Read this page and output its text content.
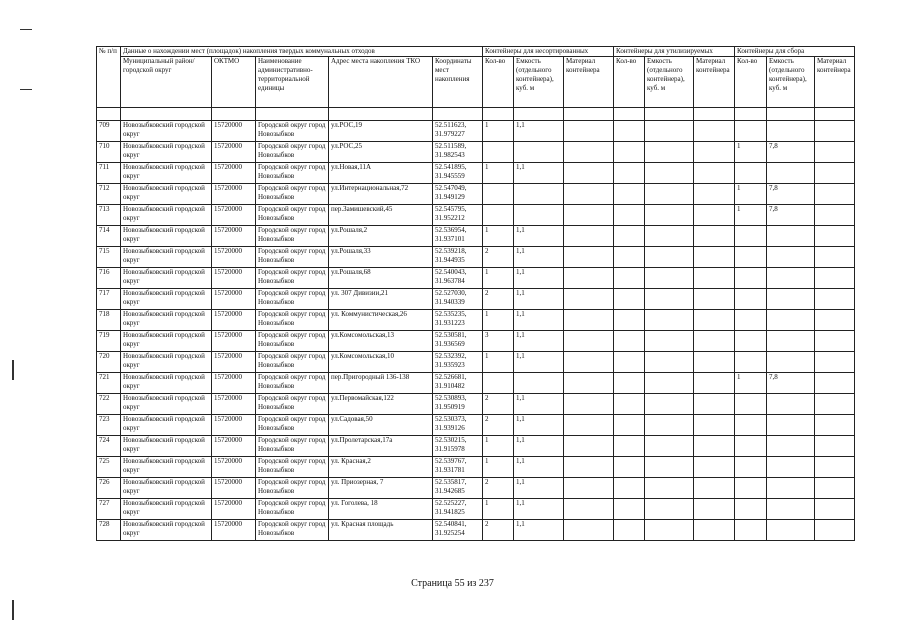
№ п/п	Данные о нахождении мест (площадок) накопления твердых коммунальных отходов					Контейнеры для несортированных			Контейнеры для утилизируемых			Контейнеры для сбора		
	Муниципальный район/городской округ	ОКТМО	Наименование административно-территориальной единицы	Адрес места накопления ТКО	Координаты мест накопления	Кол-во	Емкость (отдельного контейнера), куб. м	Материал контейнера	Кол-во	Емкость (отдельного контейнера), куб. м	Материал контейнера	Кол-во	Емкость (отдельного контейнера), куб. м	Материал контейнера

709	Новозыбковский городской округ	15720000	Городской округ город Новозыбков	ул.РОС,19	52.511623, 31.979227	1	1,1							
710	Новозыбковский городской округ	15720000	Городской округ город Новозыбков	ул.РОС,25	52.511589, 31.982543							1	7,8	
711	Новозыбковский городской округ	15720000	Городской округ город Новозыбков	ул.Новая,11А	52.541895, 31.945559	1	1,1							
712	Новозыбковский городской округ	15720000	Городской округ город Новозыбков	ул.Интернациональная,72	52.547049, 31.949129							1	7,8	
713	Новозыбковский городской округ	15720000	Городской округ город Новозыбков	пер.Замишевский,45	52.545795, 31.952212							1	7,8	
714	Новозыбковский городской округ	15720000	Городской округ город Новозыбков	ул.Рошаля,2	52.536954, 31.937101	1	1,1							
715	Новозыбковский городской округ	15720000	Городской округ город Новозыбков	ул.Рошаля,33	52.539218, 31.944935	2	1,1							
716	Новозыбковский городской округ	15720000	Городской округ город Новозыбков	ул.Рошаля,68	52.540043, 31.963784	1	1,1							
717	Новозыбковский городской округ	15720000	Городской округ город Новозыбков	ул. 307 Дивизии,21	52.527030, 31.940339	2	1,1							
718	Новозыбковский городской округ	15720000	Городской округ город Новозыбков	ул. Коммунистическая,26	52.535235, 31.931223	1	1,1							
719	Новозыбковский городской округ	15720000	Городской округ город Новозыбков	ул.Комсомольская,13	52.530581, 31.936569	3	1,1							
720	Новозыбковский городской округ	15720000	Городской округ город Новозыбков	ул.Комсомольская,10	52.532392, 31.935923	1	1,1							
721	Новозыбковский городской округ	15720000	Городской округ город Новозыбков	пер.Пригородный 136-138	52.526681, 31.910482							1	7,8	
722	Новозыбковский городской округ	15720000	Городской округ город Новозыбков	ул.Первомайская,122	52.530893, 31.950919	2	1,1							
723	Новозыбковский городской округ	15720000	Городской округ город Новозыбков	ул.Садовая,50	52.530373, 31.939126	2	1,1							
724	Новозыбковский городской округ	15720000	Городской округ город Новозыбков	ул.Пролетарская,17а	52.530215, 31.915978	1	1,1							
725	Новозыбковский городской округ	15720000	Городской округ город Новозыбков	ул. Красная,2	52.539767, 31.931781	1	1,1							
726	Новозыбковский городской округ	15720000	Городской округ город Новозыбков	ул. Приозерная, 7	52.535817, 31.942685	2	1,1							
727	Новозыбковский городской округ	15720000	Городской округ город Новозыбков	ул. Гоголева, 18	52.525227, 31.941825	1	1,1							
728	Новозыбковский городской округ	15720000	Городской округ город Новозыбков	ул. Красная площадь	52.540841, 31.925254	2	1,1							
Страница 55 из 237
